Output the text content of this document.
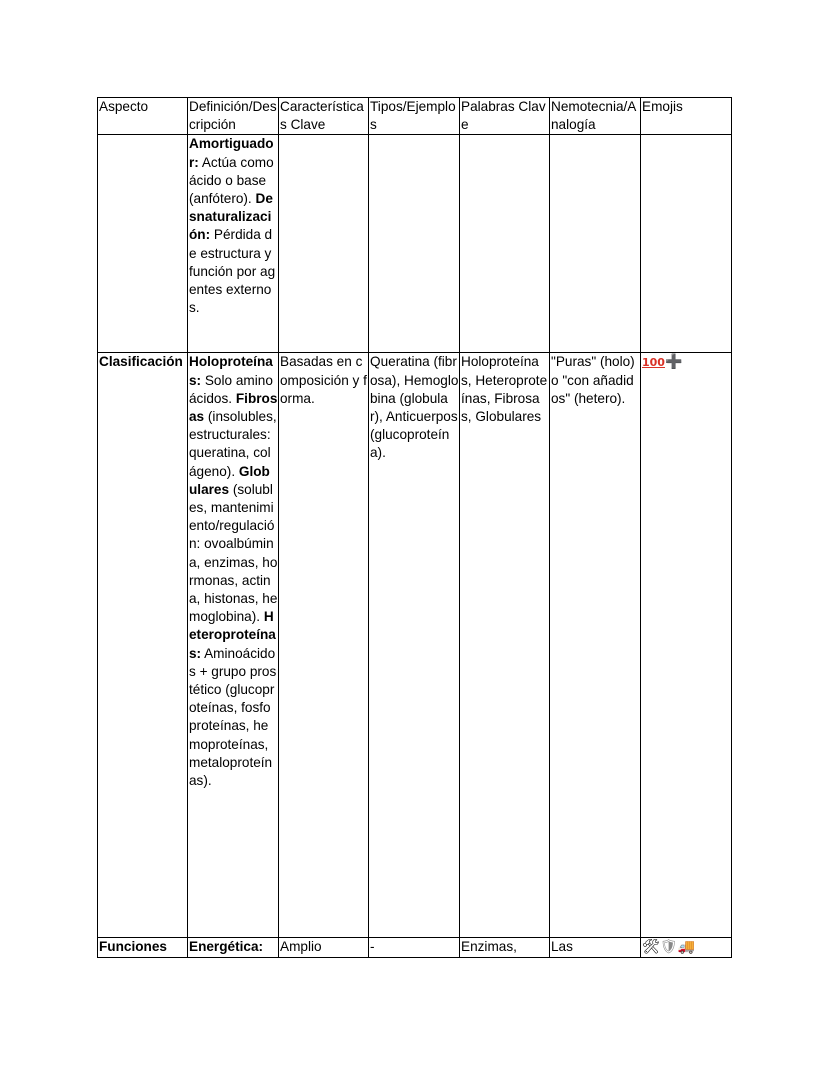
Aspecto	Definición/Descripción	Características Clave	Tipos/Ejemplos	Palabras Clave	Nemotecnia/Analogía	Emojis
	Amortiguador: Actúa como ácido o base (anfótero). Desnaturalización: Pérdida de estructura y función por agentes externos.					
Clasificación	Holoproteínas: Solo aminoácidos. Fibrosas (insolubles, estructurales: queratina, colágeno). Globulares (solubles, mantenimiento/regulación: ovoalbúmina, enzimas, hormonas, actina, histonas, hemoglobina). Heteroproteínas: Aminoácidos + grupo prostético (glucoproteínas, fosfoproteínas, hemoproteínas, metaloproteínas).	Basadas en composición y forma.	Queratina (fibrosa), Hemoglobina (globular), Anticuerpos (glucoproteína).	Holoproteínas, Heteroproteínas, Fibrosas, Globulares	"Puras" (holo) o "con añadidos" (hetero).	100➕
Funciones	Energética:	Amplio	-	Enzimas,	Las	🛠🛡🚚
